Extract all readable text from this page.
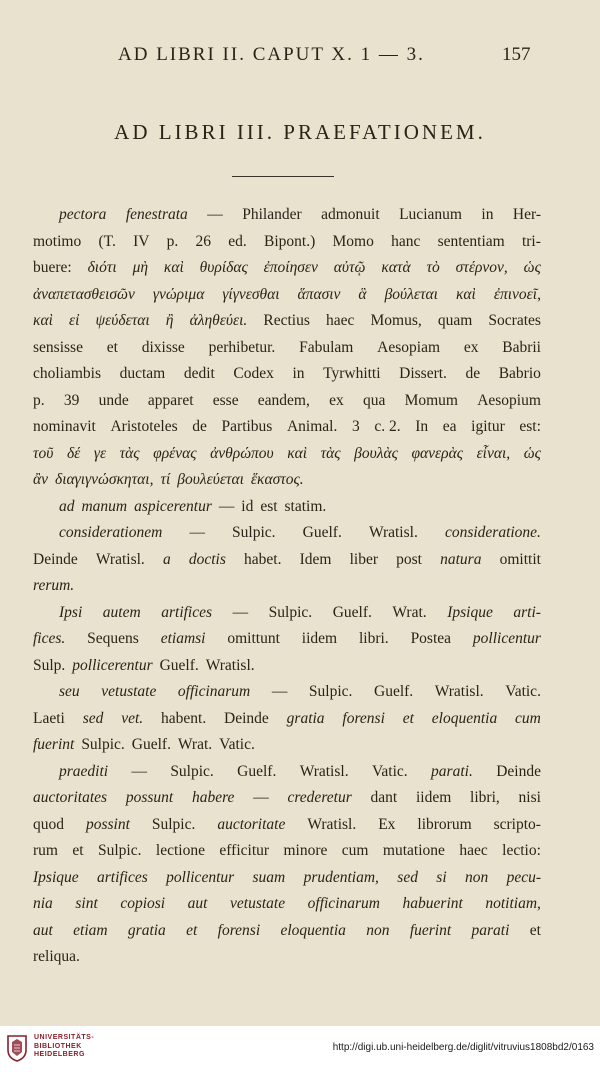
AD LIBRI II. CAPUT X. 1 — 3.	157
AD LIBRI III. PRAEFATIONEM.
pectora fenestrata — Philander admonuit Lucianum in Her-
motimo (T. IV p. 26 ed. Bipont.) Momo hanc sententiam tri-
buere: διότι μὴ καὶ θυρίδας ἐποίησεν αὐτῷ κατὰ τὸ στέρνον, ὡς
ἀναπετασθεισῶν γνώριμα γίγνεσθαι ἅπασιν ἃ βούλεται καὶ ἐπινοεῖ,
καὶ εἰ ψεύδεται ἢ ἀληθεύει. Rectius haec Momus, quam Socrates
sensisse et dixisse perhibetur. Fabulam Aesopiam ex Babrii
choliambis ductam dedit Codex in Tyrwhitti Dissert. de Babrio
p. 39 unde apparet esse eandem, ex qua Momum Aesopium
nominavit Aristoteles de Partibus Animal. 3 c. 2. In ea igitur est:
τοῦ δέ γε τὰς φρένας ἀνθρώπου καὶ τὰς βουλὰς φανερὰς εἶναι, ὡς
ἂν διαγιγνώσκηται, τί βουλεύεται ἕκαστος.
ad manum aspicerentur — id est statim.
considerationem — Sulpic. Guelf. Wratisl. consideratione.
Deinde Wratisl. a doctis habet. Idem liber post natura omittit
rerum.
Ipsi autem artifices — Sulpic. Guelf. Wrat. Ipsique arti-
fices. Sequens etiamsi omittunt iidem libri. Postea pollicentur
Sulp. pollicerentur Guelf. Wratisl.
seu vetustate officinarum — Sulpic. Guelf. Wratisl. Vatic.
Laeti sed vet. habent. Deinde gratia forensi et eloquentia cum
fuerint Sulpic. Guelf. Wrat. Vatic.
praediti — Sulpic. Guelf. Wratisl. Vatic. parati. Deinde
auctoritates possunt habere — crederetur dant iidem libri, nisi
quod possint Sulpic. auctoritate Wratisl. Ex librorum scripto-
rum et Sulpic. lectione efficitur minore cum mutatione haec lectio:
Ipsique artifices pollicentur suam prudentiam, sed si non pecu-
nia sint copiosi aut vetustate officinarum habuerint notitiam,
aut etiam gratia et forensi eloquentia non fuerint parati et
reliqua.
UNIVERSITÄTS-
BIBLIOTHEK
HEIDELBERG
http://digi.ub.uni-heidelberg.de/diglit/vitruvius1808bd2/0163
